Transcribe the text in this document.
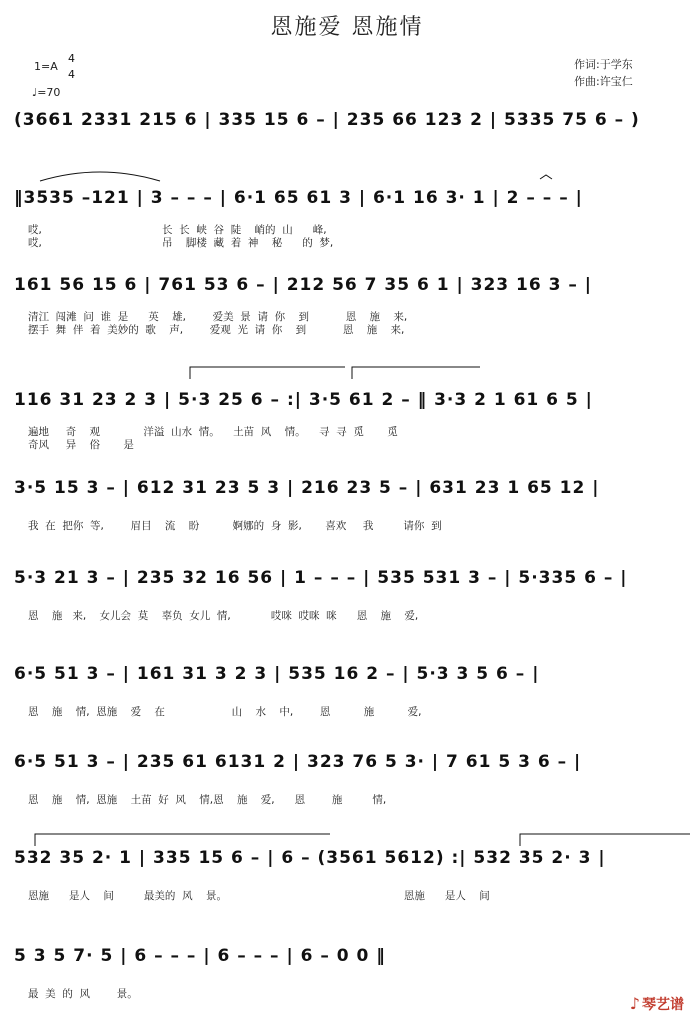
恩施爱 恩施情
1=A
4
4
♩=70
作词:于学东
作曲:许宝仁
(3661 2331 215 6 | 335 15 6 – | 235 66 123 2 | 5335 75 6 – )
‖3535 –121 | 3 – – – | 6·1 65 61 3 | 6·1 16 3· 1 | 2 – – – |
哎,                                    长  长  峡  谷  陡    峭的  山      峰,
哎,                                    吊    脚楼  藏  着  神    秘      的  梦,
161 56 15 6 | 761 53 6 – | 212 56 7 35 6 1 | 323 16 3 – |
清江  闯滩  问  谁  是      英    雄,        爱美  景  请  你    到           恩    施    来,
摆手  舞  伴  着  美妙的  歌    声,        爱观  光  请  你    到           恩    施    来,
116 31 23 2 3 | 5·3 25 6 – :| 3·5 61 2 – ‖ 3·3 2 1 61 6 5 |
遍地     奇    观             洋溢  山水  情。    土苗  风    情。    寻  寻  觅       觅
奇风     异    俗       是
3·5 15 3 – | 612 31 23 5 3 | 216 23 5 – | 631 23 1 65 12 |
我  在  把你  等,        眉目    流    盼          婀娜的  身  影,       喜欢     我         请你  到
5·3 21 3 – | 235 32 16 56 | 1 – – – | 535 531 3 – | 5·335 6 – |
恩    施   来,    女儿会  莫    辜负  女儿  情,            哎咪  哎咪  咪      恩    施    爱,
6·5 51 3 – | 161 31 3 2 3 | 535 16 2 – | 5·3 3 5 6 – |
恩    施    情,  恩施    爱    在                    山    水    中,        恩          施          爱,
6·5 51 3 – | 235 61 6131 2 | 323 76 5 3· | 7 61 5 3 6 – |
恩    施    情,  恩施    土苗  好  风    情,恩    施    爱,      恩        施         情,
532 35 2· 1 | 335 15 6 – | 6 – (3561 5612) :| 532 35 2· 3 |
恩施      是人    间         最美的  风    景。                                                     恩施      是人    间
5 3 5 7· 5 | 6 – – – | 6 – – – | 6 – 0 0 ‖
最  美  的  风        景。	♪ 琴艺谱
